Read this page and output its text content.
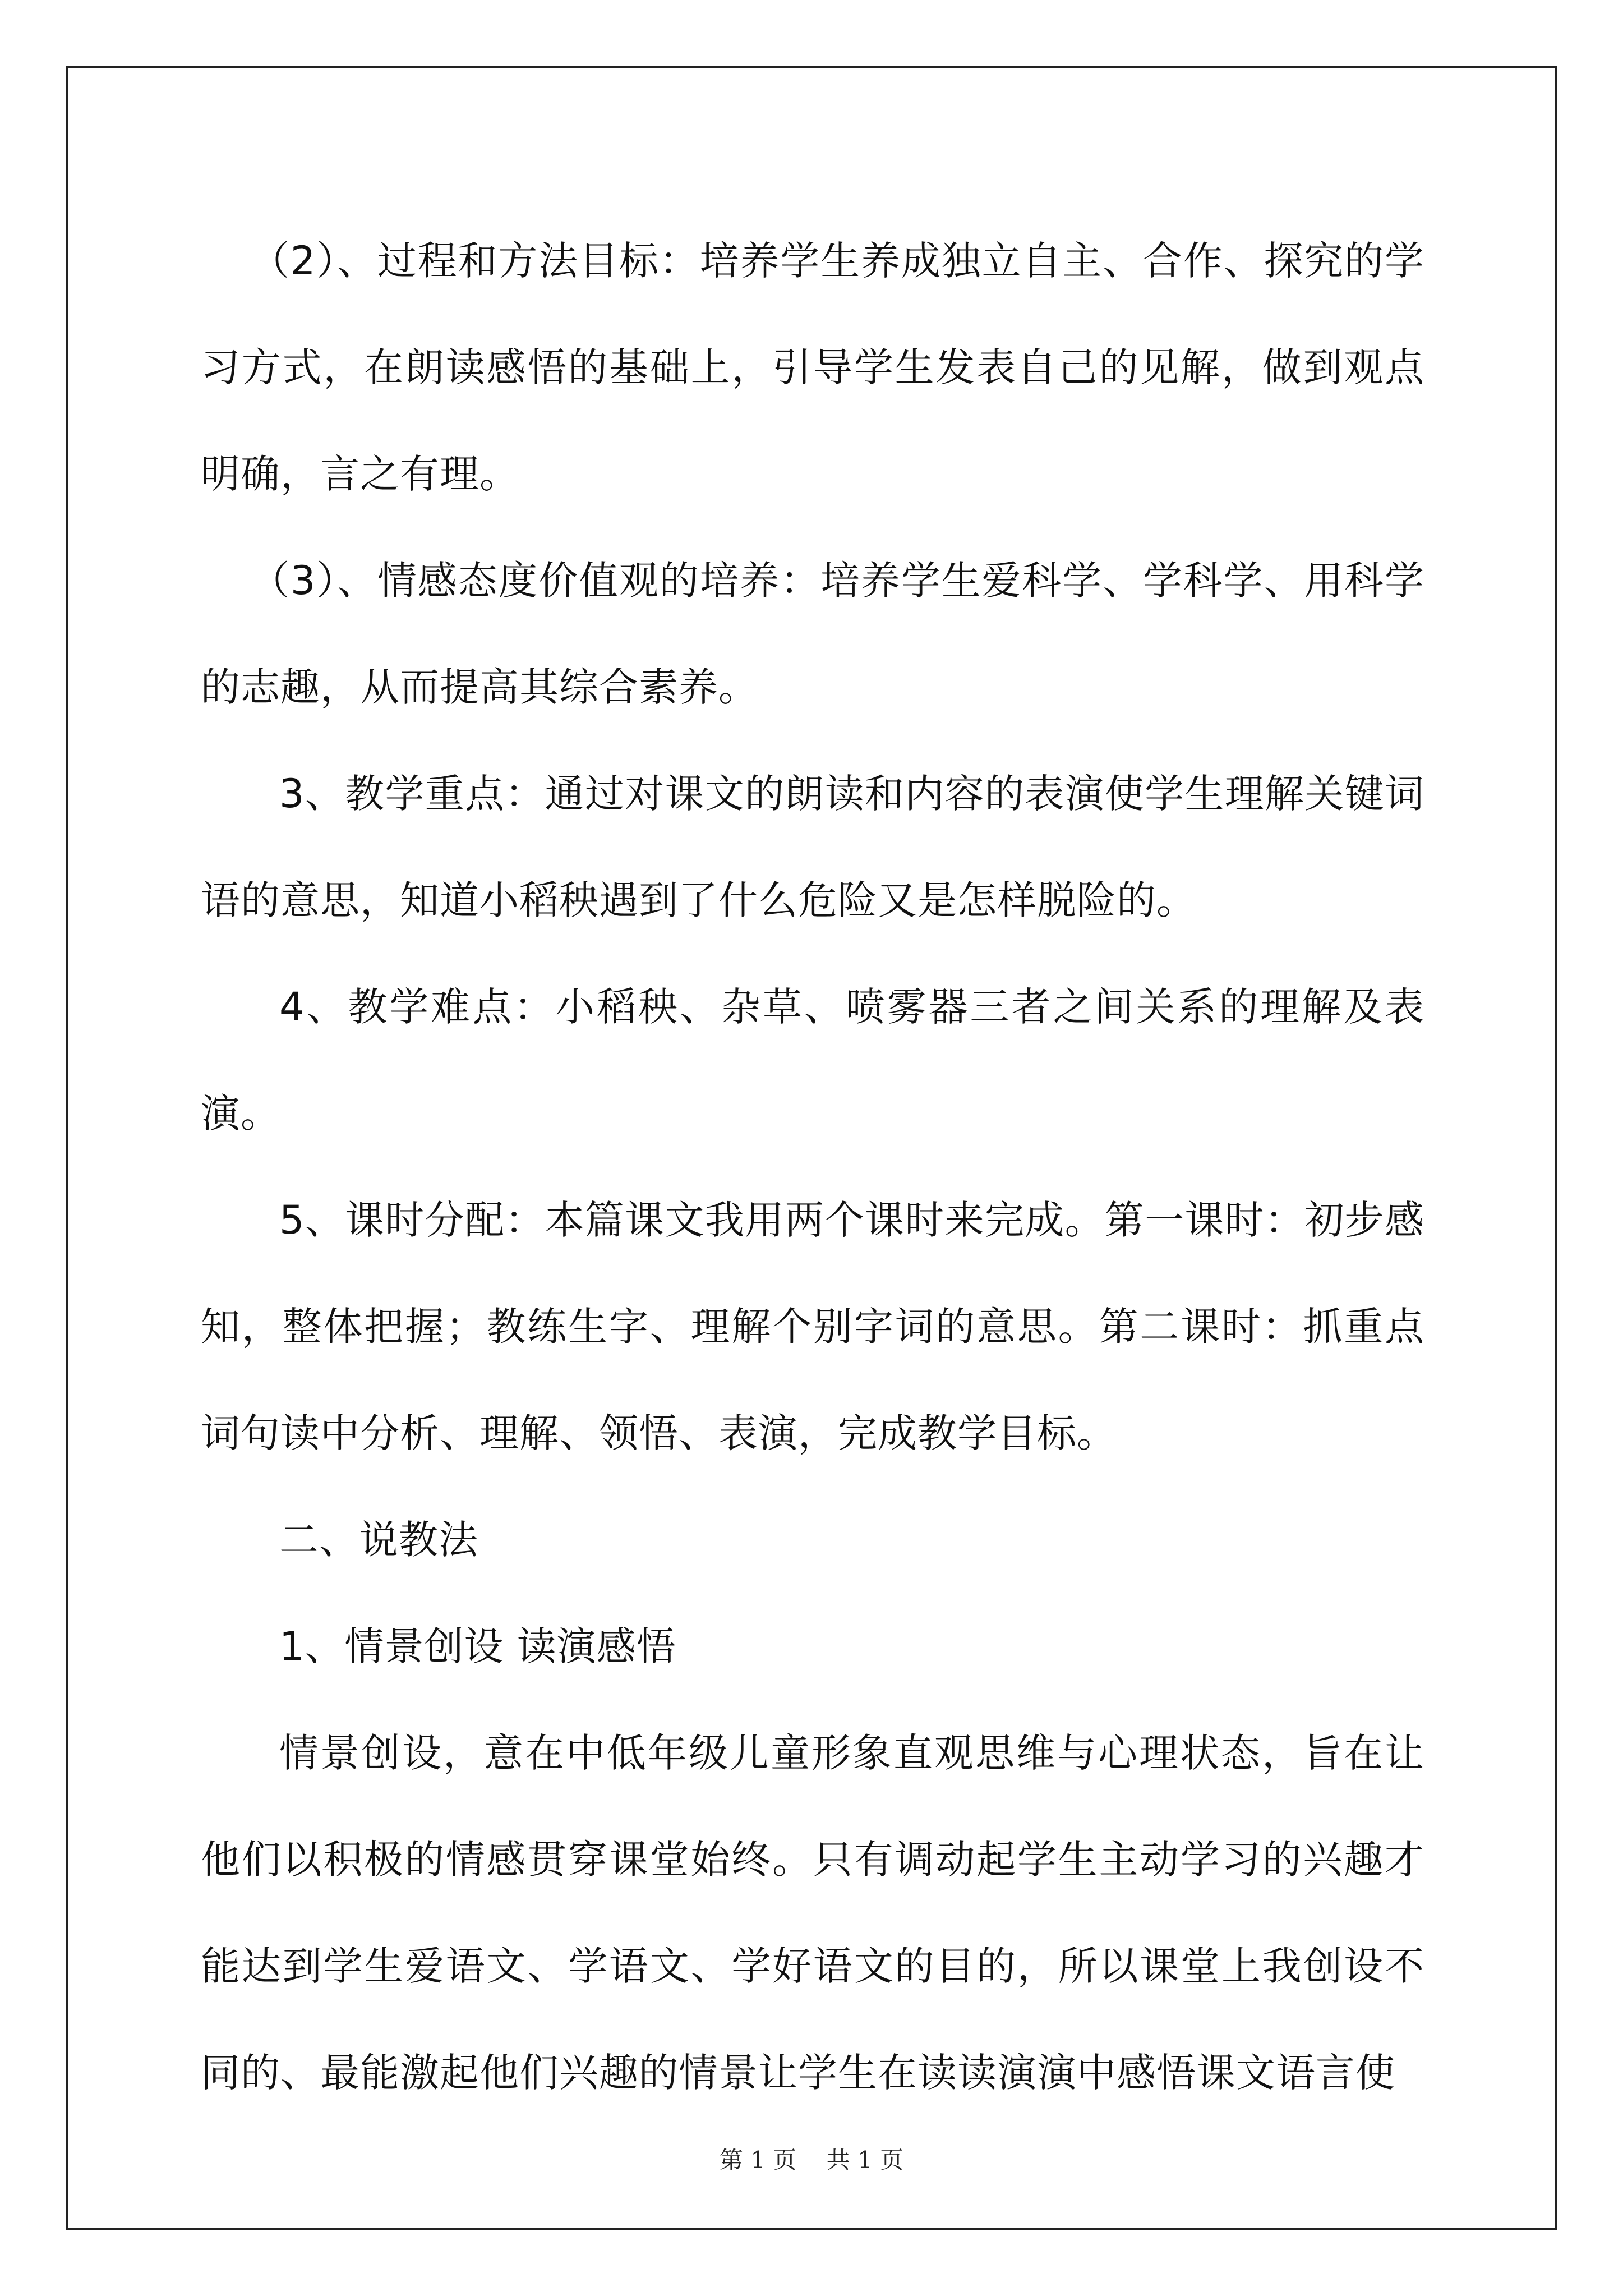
（2）、过程和方法目标：培养学生养成独立自主、合作、探究的学习方式，在朗读感悟的基础上，引导学生发表自己的见解，做到观点明确，言之有理。

（3）、情感态度价值观的培养：培养学生爱科学、学科学、用科学的志趣，从而提高其综合素养。

3、教学重点：通过对课文的朗读和内容的表演使学生理解关键词语的意思，知道小稻秧遇到了什么危险又是怎样脱险的。

4、教学难点：小稻秧、杂草、喷雾器三者之间关系的理解及表演。

5、课时分配：本篇课文我用两个课时来完成。第一课时：初步感知，整体把握；教练生字、理解个别字词的意思。第二课时：抓重点词句读中分析、理解、领悟、表演，完成教学目标。

二、说教法

1、情景创设 读演感悟

情景创设，意在中低年级儿童形象直观思维与心理状态，旨在让他们以积极的情感贯穿课堂始终。只有调动起学生主动学习的兴趣才能达到学生爱语文、学语文、学好语文的目的，所以课堂上我创设不同的、最能激起他们兴趣的情景让学生在读读演演中感悟课文语言使

第 1 页    共 1 页
